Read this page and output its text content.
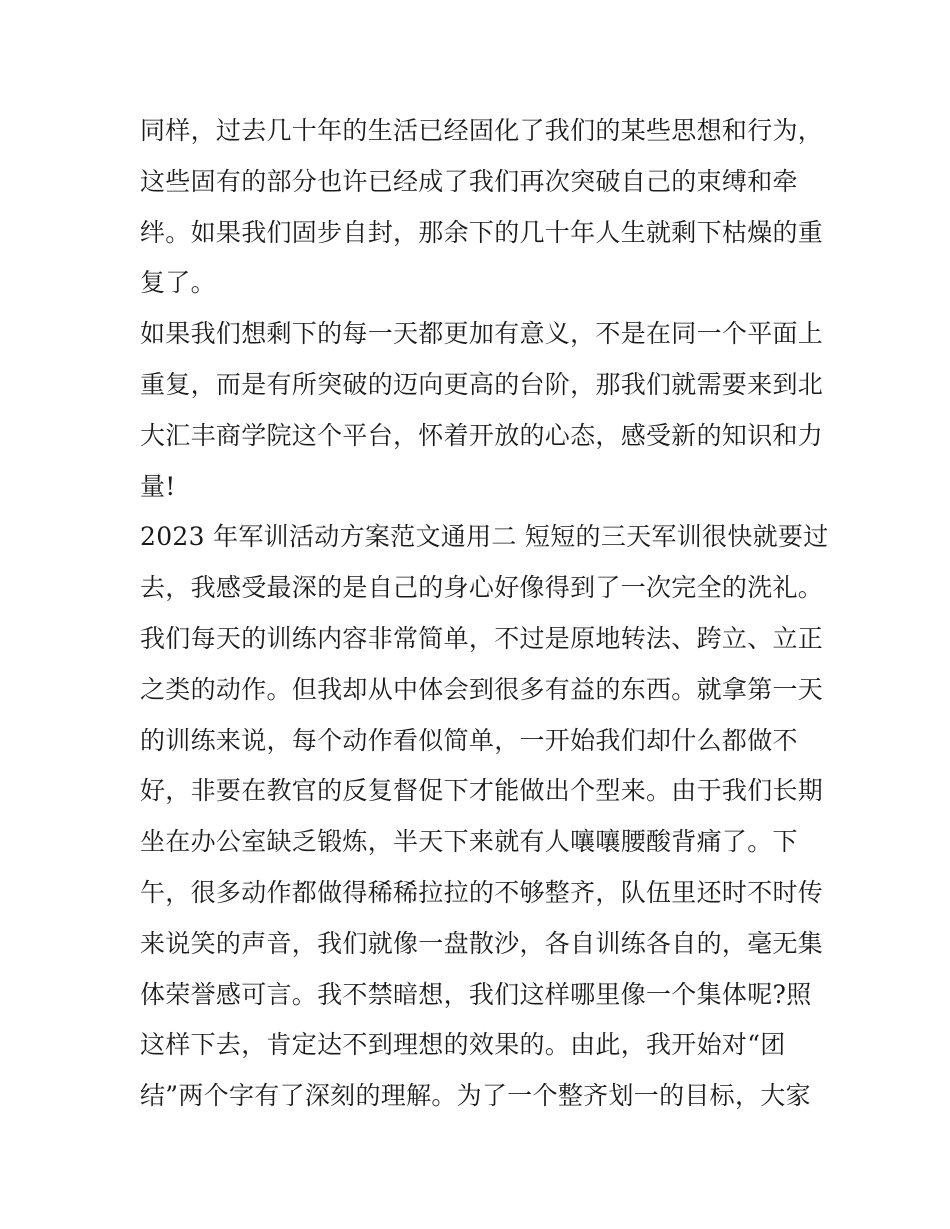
同样，过去几十年的生活已经固化了我们的某些思想和行为，
这些固有的部分也许已经成了我们再次突破自己的束缚和牵
绊。如果我们固步自封，那余下的几十年人生就剩下枯燥的重
复了。
如果我们想剩下的每一天都更加有意义，不是在同一个平面上
重复，而是有所突破的迈向更高的台阶，那我们就需要来到北
大汇丰商学院这个平台，怀着开放的心态，感受新的知识和力
量!
2023 年军训活动方案范文通用二 短短的三天军训很快就要过
去，我感受最深的是自己的身心好像得到了一次完全的洗礼。
我们每天的训练内容非常简单，不过是原地转法、跨立、立正
之类的动作。但我却从中体会到很多有益的东西。就拿第一天
的训练来说，每个动作看似简单，一开始我们却什么都做不
好，非要在教官的反复督促下才能做出个型来。由于我们长期
坐在办公室缺乏锻炼，半天下来就有人嚷嚷腰酸背痛了。下
午，很多动作都做得稀稀拉拉的不够整齐，队伍里还时不时传
来说笑的声音，我们就像一盘散沙，各自训练各自的，毫无集
体荣誉感可言。我不禁暗想，我们这样哪里像一个集体呢?照
这样下去，肯定达不到理想的效果的。由此，我开始对“团
结”两个字有了深刻的理解。为了一个整齐划一的目标，大家
